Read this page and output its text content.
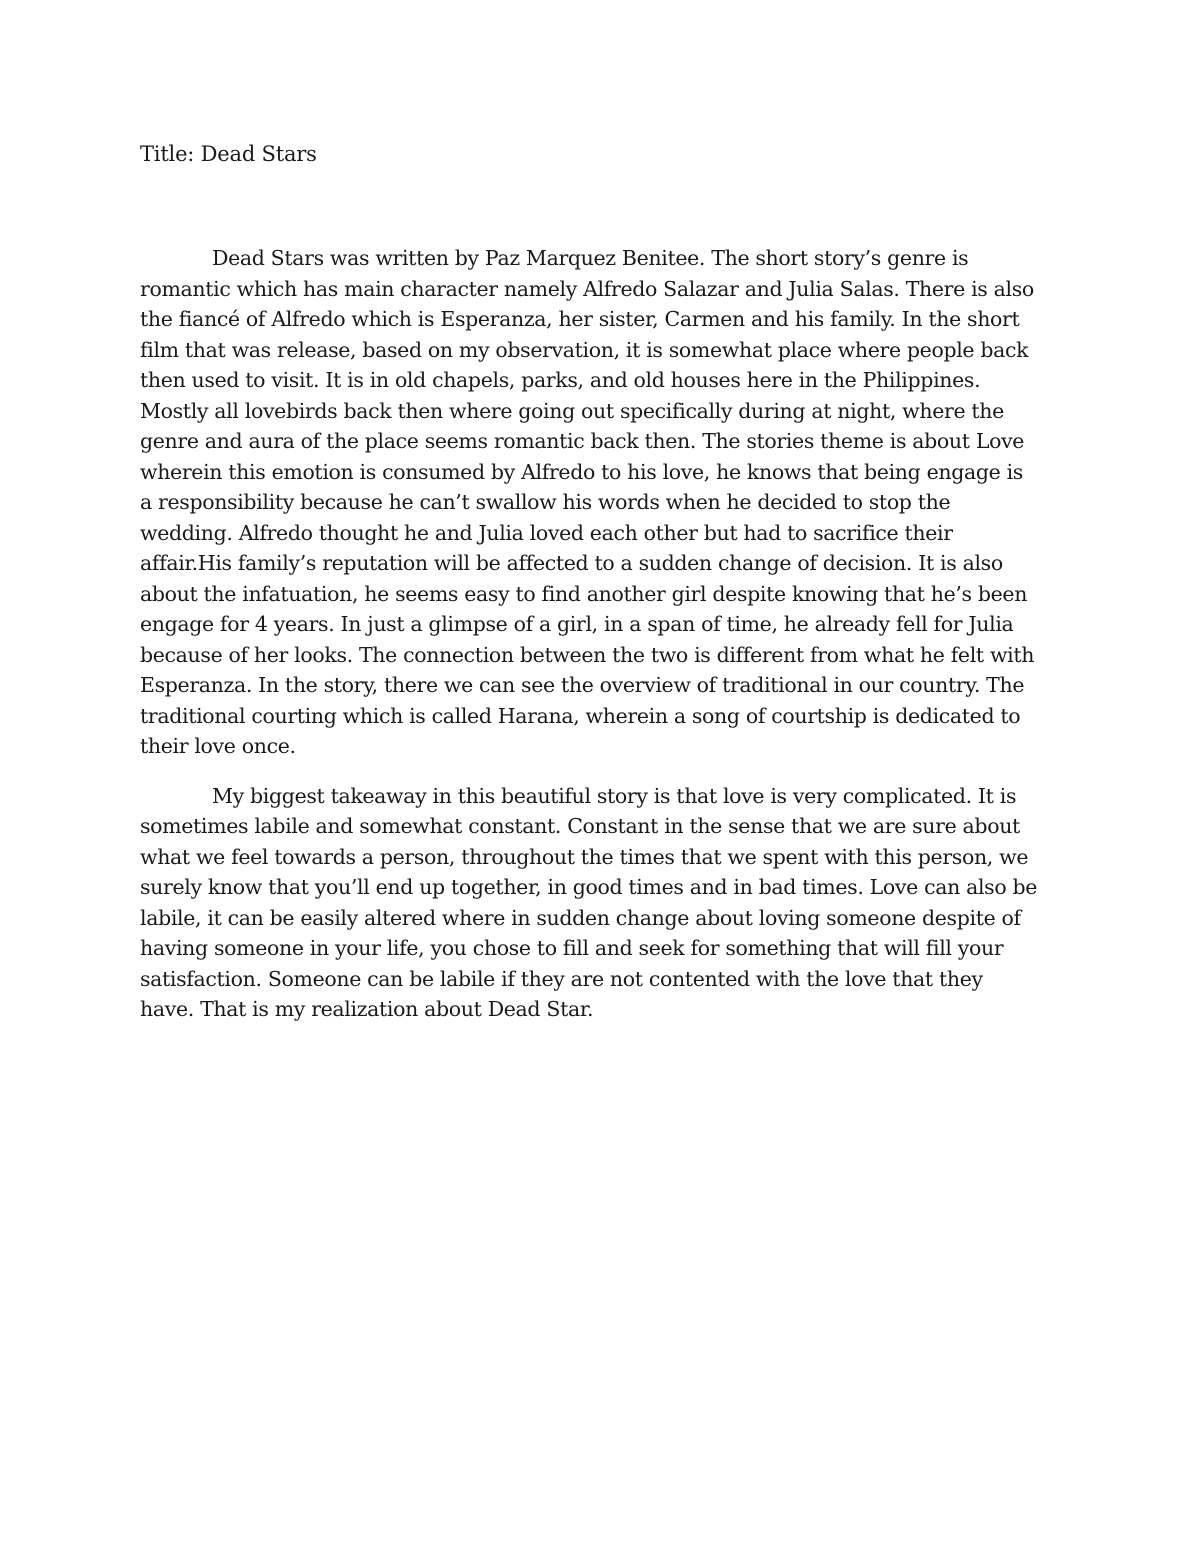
Title: Dead Stars

Dead Stars was written by Paz Marquez Benitee. The short story’s genre is
romantic which has main character namely Alfredo Salazar and Julia Salas. There is also
the fiancé of Alfredo which is Esperanza, her sister, Carmen and his family. In the short
film that was release, based on my observation, it is somewhat place where people back
then used to visit. It is in old chapels, parks, and old houses here in the Philippines.
Mostly all lovebirds back then where going out specifically during at night, where the
genre and aura of the place seems romantic back then. The stories theme is about Love
wherein this emotion is consumed by Alfredo to his love, he knows that being engage is
a responsibility because he can’t swallow his words when he decided to stop the
wedding. Alfredo thought he and Julia loved each other but had to sacrifice their
affair.His family’s reputation will be affected to a sudden change of decision. It is also
about the infatuation, he seems easy to find another girl despite knowing that he’s been
engage for 4 years. In just a glimpse of a girl, in a span of time, he already fell for Julia
because of her looks. The connection between the two is different from what he felt with
Esperanza. In the story, there we can see the overview of traditional in our country. The
traditional courting which is called Harana, wherein a song of courtship is dedicated to
their love once.

My biggest takeaway in this beautiful story is that love is very complicated. It is
sometimes labile and somewhat constant. Constant in the sense that we are sure about
what we feel towards a person, throughout the times that we spent with this person, we
surely know that you’ll end up together, in good times and in bad times. Love can also be
labile, it can be easily altered where in sudden change about loving someone despite of
having someone in your life, you chose to fill and seek for something that will fill your
satisfaction. Someone can be labile if they are not contented with the love that they
have. That is my realization about Dead Star.
